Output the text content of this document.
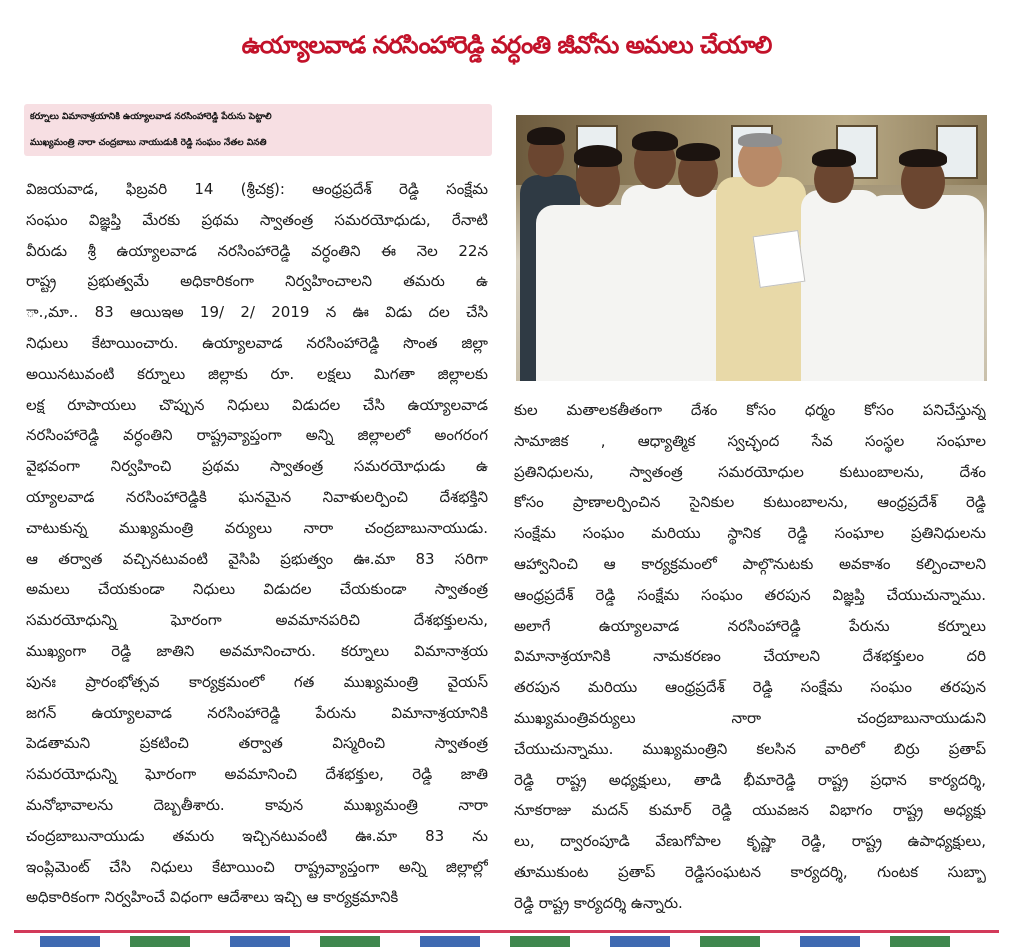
ఉయ్యాలవాడ నరసింహారెడ్డి వర్ధంతి జీవోను అమలు చేయాలి
కర్నూలు విమానాశ్రయానికి ఉయ్యాలవాడ నరసింహారెడ్డి పేరును పెట్టాలి
ముఖ్యమంత్రి నారా చంద్రబాబు నాయుడుకి రెడ్డి సంఘం నేతల వినతి
విజయవాడ, ఫిబ్రవరి 14 (శ్రీచక్ర): ఆంధ్రప్రదేశ్ రెడ్డి సంక్షేమ
సంఘం విజ్ఞప్తి మేరకు ప్రథమ స్వాతంత్ర సమరయోధుడు, రేనాటి
వీరుడు శ్రీ ఉయ్యాలవాడ నరసింహారెడ్డి వర్ధంతిని ఈ నెల 22న
రాష్ట్ర ప్రభుత్వమే అధికారికంగా నిర్వహించాలని తమరు ఉ
ా.,మా.. 83 ఆయిఇఅ 19/ 2/ 2019 న ఊ విడు దల చేసి
నిధులు కేటాయించారు. ఉయ్యాలవాడ నరసింహారెడ్డి సొంత జిల్లా
అయినటువంటి కర్నూలు జిల్లాకు రూ. లక్షలు మిగతా జిల్లాలకు
లక్ష రూపాయలు చొప్పున నిధులు విడుదల చేసి ఉయ్యాలవాడ
నరసింహారెడ్డి వర్ధంతిని రాష్ట్రవ్యాప్తంగా అన్ని జిల్లాలలో అంగరంగ
వైభవంగా నిర్వహించి ప్రథమ స్వాతంత్ర సమరయోధుడు ఉ
య్యాలవాడ నరసింహారెడ్డికి ఘనమైన నివాళులర్పించి దేశభక్తిని
చాటుకున్న ముఖ్యమంత్రి వర్యులు నారా చంద్రబాబునాయుడు.
ఆ తర్వాత వచ్చినటువంటి వైసిపి ప్రభుత్వం ఊ.మా 83 సరిగా
అమలు చేయకుండా నిధులు విడుదల చేయకుండా స్వాతంత్ర
సమరయోధున్ని ఘోరంగా అవమానపరిచి దేశభక్తులను,
ముఖ్యంగా రెడ్డి జాతిని అవమానించారు. కర్నూలు విమానాశ్రయ
పునః ప్రారంభోత్సవ కార్యక్రమంలో గత ముఖ్యమంత్రి వైయస్
జగన్ ఉయ్యాలవాడ నరసింహారెడ్డి పేరును విమానాశ్రయానికి
పెడతామని ప్రకటించి తర్వాత విస్మరించి స్వాతంత్ర
సమరయోధున్ని ఘోరంగా అవమానించి దేశభక్తుల, రెడ్డి జాతి
మనోభావాలను దెబ్బతీశారు. కావున ముఖ్యమంత్రి నారా
చంద్రబాబునాయుడు తమరు ఇచ్చినటువంటి ఊ.మా 83 ను
ఇంప్లిమెంట్ చేసి నిధులు కేటాయించి రాష్ట్రవ్యాప్తంగా అన్ని జిల్లాల్లో
అధికారికంగా నిర్వహించే విధంగా ఆదేశాలు ఇచ్చి ఆ కార్యక్రమానికి
కుల మతాలకతీతంగా దేశం కోసం ధర్మం కోసం పనిచేస్తున్న
సామాజిక , ఆధ్యాత్మిక స్వచ్ఛంద సేవ సంస్థల సంఘాల
ప్రతినిధులను, స్వాతంత్ర సమరయోధుల కుటుంబాలను, దేశం
కోసం ప్రాణాలర్పించిన సైనికుల కుటుంబాలను, ఆంధ్రప్రదేశ్ రెడ్డి
సంక్షేమ సంఘం మరియు స్థానిక రెడ్డి సంఘాల ప్రతినిధులను
ఆహ్వానించి ఆ కార్యక్రమంలో పాల్గొనుటకు అవకాశం కల్పించాలని
ఆంధ్రప్రదేశ్ రెడ్డి సంక్షేమ సంఘం తరపున విజ్ఞప్తి చేయుచున్నాము.
అలాగే ఉయ్యాలవాడ నరసింహారెడ్డి పేరును కర్నూలు
విమానాశ్రయానికి నామకరణం చేయాలని దేశభక్తులం దరి
తరపున మరియు ఆంధ్రప్రదేశ్ రెడ్డి సంక్షేమ సంఘం తరపున
ముఖ్యమంత్రివర్యులు నారా చంద్రబాబునాయుడుని
చేయుచున్నాము. ముఖ్యమంత్రిని కలసిన వారిలో బిర్రు ప్రతాప్
రెడ్డి రాష్ట్ర అధ్యక్షులు, తాడి భీమారెడ్డి రాష్ట్ర ప్రధాన కార్యదర్శి,
నూకరాజు మదన్ కుమార్ రెడ్డి యువజన విభాగం రాష్ట్ర అధ్యక్షు
లు, ద్వారంపూడి వేణుగోపాల కృష్ణా రెడ్డి, రాష్ట్ర ఉపాధ్యక్షులు,
తూముకుంట ప్రతాప్ రెడ్డిసంఘటన కార్యదర్శి, గుంటక సుబ్బా
రెడ్డి రాష్ట్ర కార్యదర్శి ఉన్నారు.
